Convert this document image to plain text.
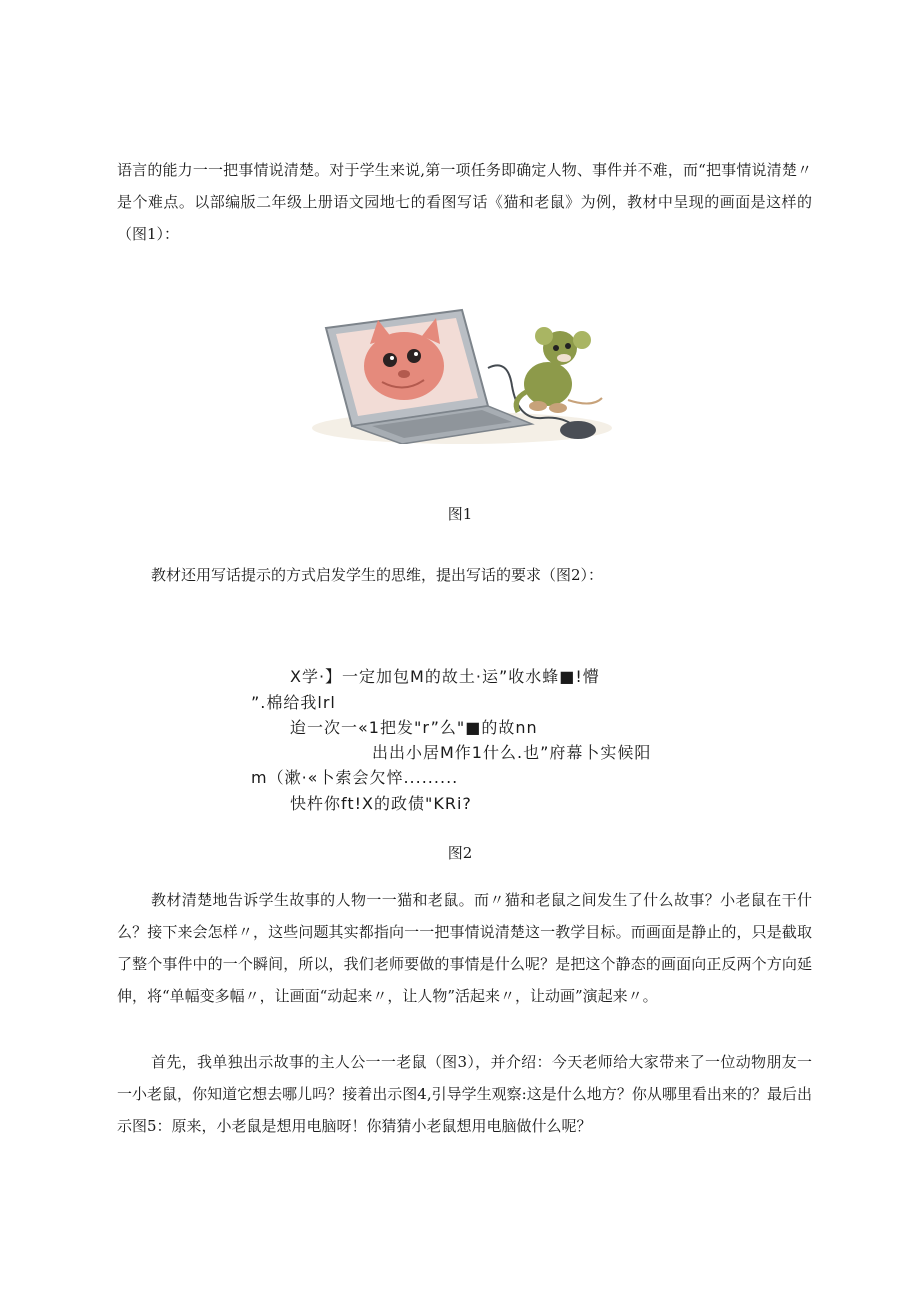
语言的能力一一把事情说清楚。对于学生来说,第一项任务即确定人物、事件并不难，而“把事情说清楚〃是个难点。以部编版二年级上册语文园地七的看图写话《猫和老鼠》为例，教材中呈现的画面是这样的（图1）：

图1

教材还用写话提示的方式启发学生的思维，提出写话的要求（图2）：

X学·】一定加包M的故土·运”收水蜂■!懵

”.棉给我lrl

迨一次一«1把发"r”么"■的故nn

出出小居M作1什么.也”府幕卜实候阳

m（漱·«卜索会欠悴.........

快杵你ft!X的政债"KRi?

图2

教材清楚地告诉学生故事的人物一一猫和老鼠。而〃猫和老鼠之间发生了什么故事？小老鼠在干什么？接下来会怎样〃，这些问题其实都指向一一把事情说清楚这一教学目标。而画面是静止的，只是截取了整个事件中的一个瞬间，所以，我们老师要做的事情是什么呢？是把这个静态的画面向正反两个方向延伸，将“单幅变多幅〃，让画面“动起来〃，让人物”活起来〃，让动画”演起来〃。

首先，我单独出示故事的主人公一一老鼠（图3），并介绍：今天老师给大家带来了一位动物朋友一一小老鼠，你知道它想去哪儿吗？接着出示图4,引导学生观察:这是什么地方？你从哪里看出来的？最后出示图5：原来，小老鼠是想用电脑呀！你猜猜小老鼠想用电脑做什么呢？
